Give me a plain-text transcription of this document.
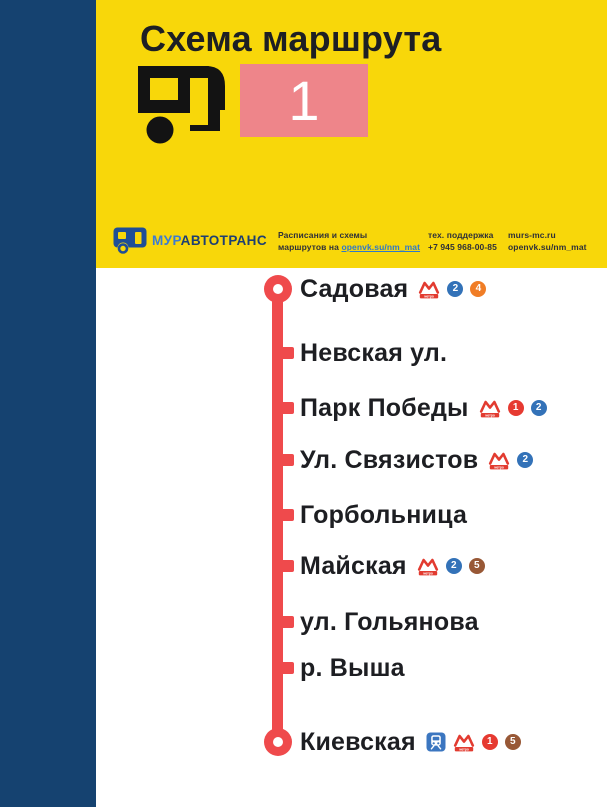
Схема маршрута
1
МУРАВТОТРАНС Расписания и схемы
маршрутов на openvk.su/nm_mat
тех. поддержка
+7 945 968-00-85
murs-mc.ru
openvk.su/nm_mat
Садовая	метро
2	4
Невская ул.
Парк Победы	метро
1	2
Ул. Связистов	метро
2
Горбольница
Майская	метро
2	5
ул. Гольянова
р. Выша
Киевская	метро
1	5
